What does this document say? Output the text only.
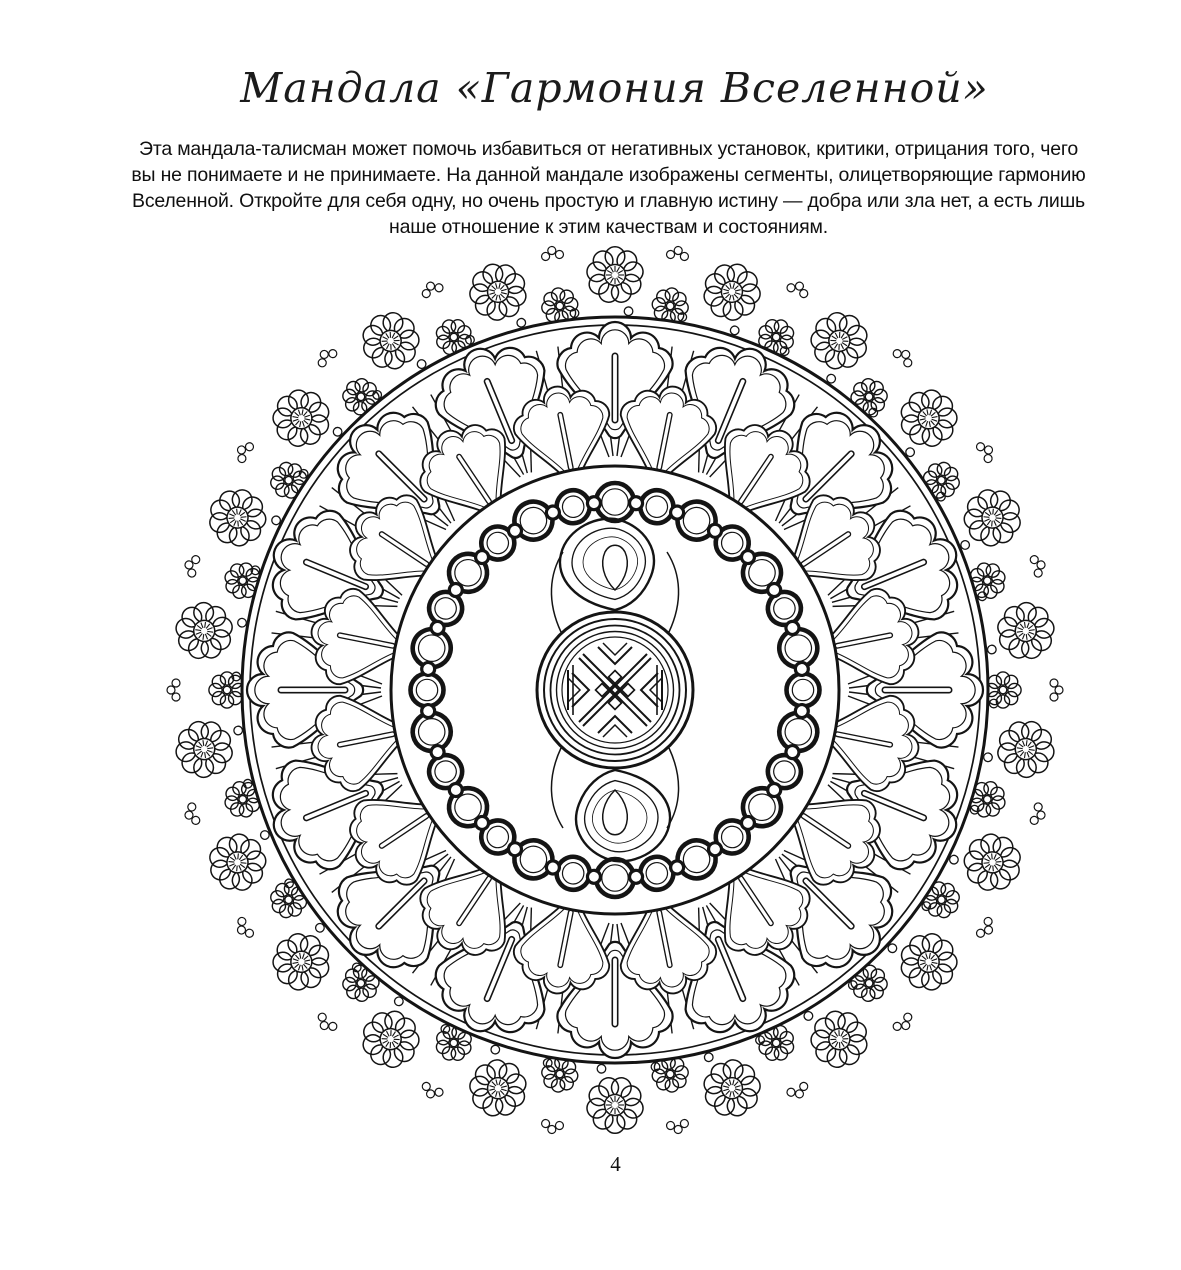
Мандала «Гармония Вселенной»
Эта мандала-талисман может помочь избавиться от негативных установок, критики, отрицания того, чего
вы не понимаете и не принимаете. На данной мандале изображены сегменты, олицетворяющие гармонию
Вселенной. Откройте для себя одну, но очень простую и главную истину — добра или зла нет, а есть лишь
наше отношение к этим качествам и состояниям.
4
